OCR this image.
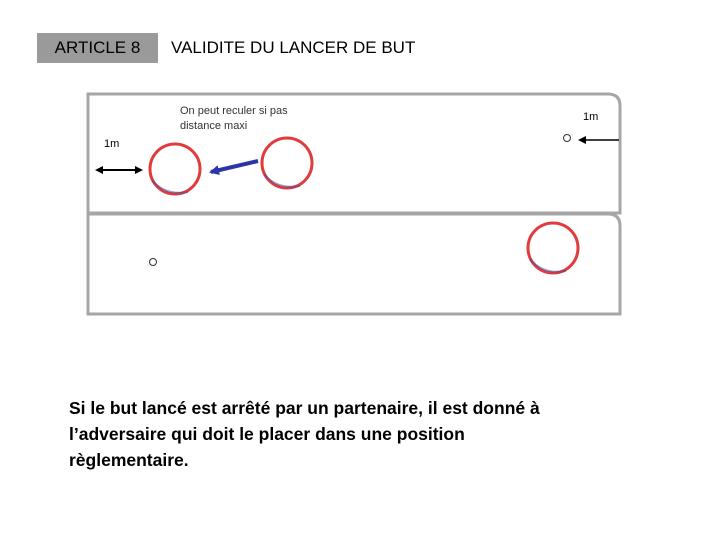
ARTICLE 8	VALIDITE DU LANCER DE BUT
On peut reculer si pas distance maxi
1m
1m
Si le but lancé est arrêté par un partenaire, il est donné à l’adversaire qui doit le placer dans une position règlementaire.
